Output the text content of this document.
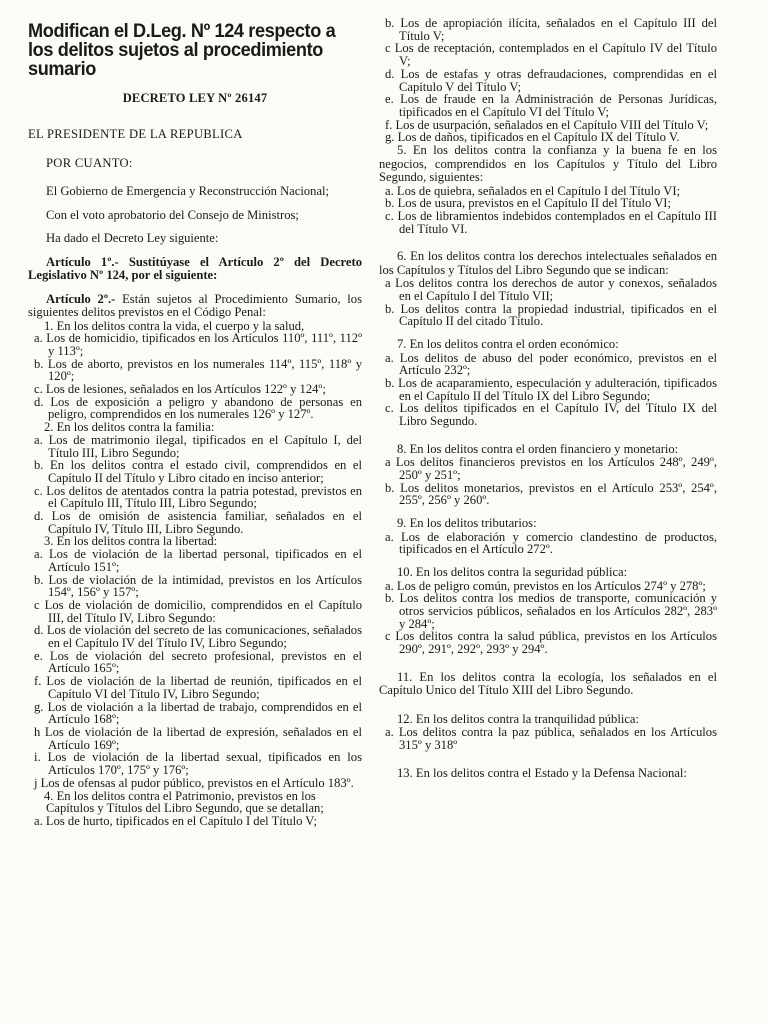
Modifican el D.Leg. Nº 124 respecto a los delitos sujetos al procedimiento sumario

DECRETO LEY Nº 26147

EL PRESIDENTE DE LA REPUBLICA

POR CUANTO:

El Gobierno de Emergencia y Reconstrucción Nacional;

Con el voto aprobatorio del Consejo de Ministros;

Ha dado el Decreto Ley siguiente:

Artículo 1º.- Sustitúyase el Artículo 2º del Decreto Legislativo Nº 124, por el siguiente:

Artículo 2º.- Están sujetos al Procedimiento Sumario, los siguientes delitos previstos en el Código Penal:

1. En los delitos contra la vida, el cuerpo y la salud,

a. Los de homicidio, tipificados en los Artículos 110º, 111º, 112º y 113º;

b. Los de aborto, previstos en los numerales 114º, 115º, 118º y 120º;

c. Los de lesiones, señalados en los Artículos 122º y 124º;

d. Los de exposición a peligro y abandono de personas en peligro, comprendidos en los numerales 126º y 127º.

2. En los delitos contra la familia:

a. Los de matrimonio ilegal, tipificados en el Capítulo I, del Título III, Libro Segundo;

b. En los delitos contra el estado civil, comprendidos en el Capítulo II del Título y Libro citado en inciso anterior;

c. Los delitos de atentados contra la patria potestad, previstos en el Capítulo III, Título III, Libro Segundo;

d. Los de omisión de asistencia familiar, señalados en el Capítulo IV, Título III, Libro Segundo.

3. En los delitos contra la libertad:

a. Los de violación de la libertad personal, tipificados en el Artículo 151º;

b. Los de violación de la intimidad, previstos en los Artículos 154º, 156º y 157º;

c Los de violación de domicilio, comprendidos en el Capítulo III, del Título IV, Libro Segundo:

d. Los de violación del secreto de las comunicaciones, señalados en el Capítulo IV del Título IV, Libro Segundo;

e. Los de violación del secreto profesional, previstos en el Artículo 165º;

f. Los de violación de la libertad de reunión, tipificados en el Capítulo VI del Título IV, Libro Segundo;

g. Los de violación a la libertad de trabajo, comprendidos en el Artículo 168º;

h Los de violación de la libertad de expresión, señalados en el Artículo 169º;

i. Los de violación de la libertad sexual, tipificados en los Artículos 170º, 175º y 176º;

j Los de ofensas al pudor público, previstos en el Artículo 183º.

4. En los delitos contra el Patrimonio, previstos en los Capítulos y Títulos del Libro Segundo, que se detallan;

a. Los de hurto, tipificados en el Capítulo I del Título V;

b. Los de apropiación ilícita, señalados en el Capítulo III del Título V;

c Los de receptación, contemplados en el Capítulo IV del Título V;

d. Los de estafas y otras defraudaciones, comprendidas en el Capítulo V del Título V;

e. Los de fraude en la Administración de Personas Jurídicas, tipificados en el Capítulo VI del Título V;

f. Los de usurpación, señalados en el Capítulo VIII del Título V;

g. Los de daños, tipificados en el Capítulo IX del Título V.

5. En los delitos contra la confianza y la buena fe en los negocios, comprendidos en los Capítulos y Título del Libro Segundo, siguientes:

a. Los de quiebra, señalados en el Capítulo I del Título VI;

b. Los de usura, previstos en el Capítulo II del Título VI;

c. Los de libramientos indebidos contemplados en el Capítulo III del Título VI.

6. En los delitos contra los derechos intelectuales señalados en los Capítulos y Títulos del Libro Segundo que se indican:

a Los delitos contra los derechos de autor y conexos, señalados en el Capítulo I del Título VII;

b. Los delitos contra la propiedad industrial, tipificados en el Capítulo II del citado Título.

7. En los delitos contra el orden económico:

a. Los delitos de abuso del poder económico, previstos en el Artículo 232º;

b. Los de acaparamiento, especulación y adulteración, tipificados en el Capítulo II del Título IX del Libro Segundo;

c. Los delitos tipificados en el Capítulo IV, del Título IX del Libro Segundo.

8. En los delitos contra el orden financiero y monetario:

a Los delitos financieros previstos en los Artículos 248º, 249º, 250º y 251º;

b. Los delitos monetarios, previstos en el Artículo 253º, 254º, 255º, 256º y 260º.

9. En los delitos tributarios:

a. Los de elaboración y comercio clandestino de productos, tipificados en el Artículo 272º.

10. En los delitos contra la seguridad pública:

a. Los de peligro común, previstos en los Artículos 274º y 278º;

b. Los delitos contra los medios de transporte, comunicación y otros servicios públicos, señalados en los Artículos 282º, 283º y 284º;

c Los delitos contra la salud pública, previstos en los Artículos 290º, 291º, 292º, 293º y 294º.

11. En los delitos contra la ecología, los señalados en el Capítulo Unico del Título XIII del Libro Segundo.

12. En los delitos contra la tranquilidad pública:

a. Los delitos contra la paz pública, señalados en los Artículos 315º y 318º

13. En los delitos contra el Estado y la Defensa Nacional:
